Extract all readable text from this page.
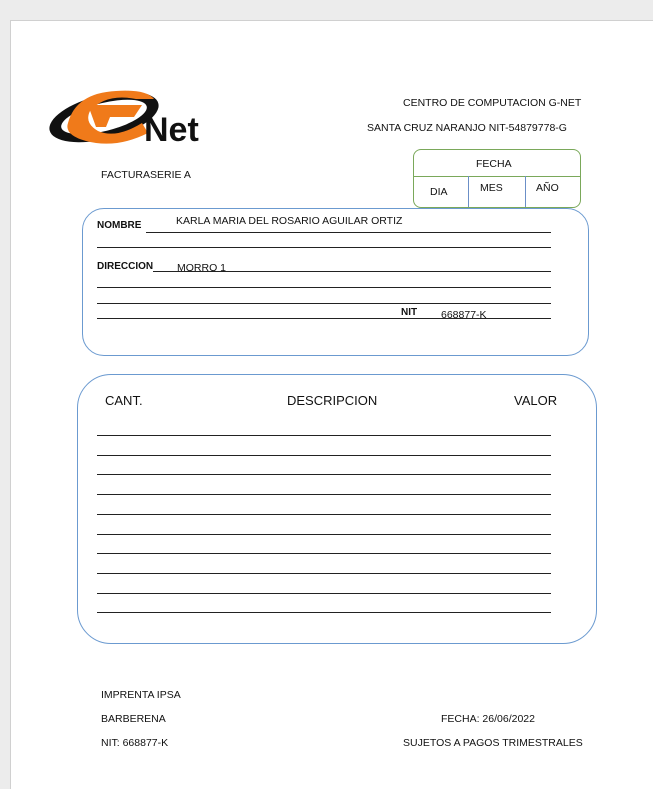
Net
CENTRO DE COMPUTACION G-NET
SANTA CRUZ NARANJO NIT-54879778-G
FACTURASERIE A
FECHA
DIA	MES	AÑO
NOMBRE	KARLA MARIA DEL ROSARIO AGUILAR ORTIZ
DIRECCION MORRO 1
NIT 668877-K
CANT.	DESCRIPCION	VALOR
IMPRENTA IPSA
BARBERENA
NIT: 668877-K
FECHA: 26/06/2022
SUJETOS A PAGOS TRIMESTRALES
